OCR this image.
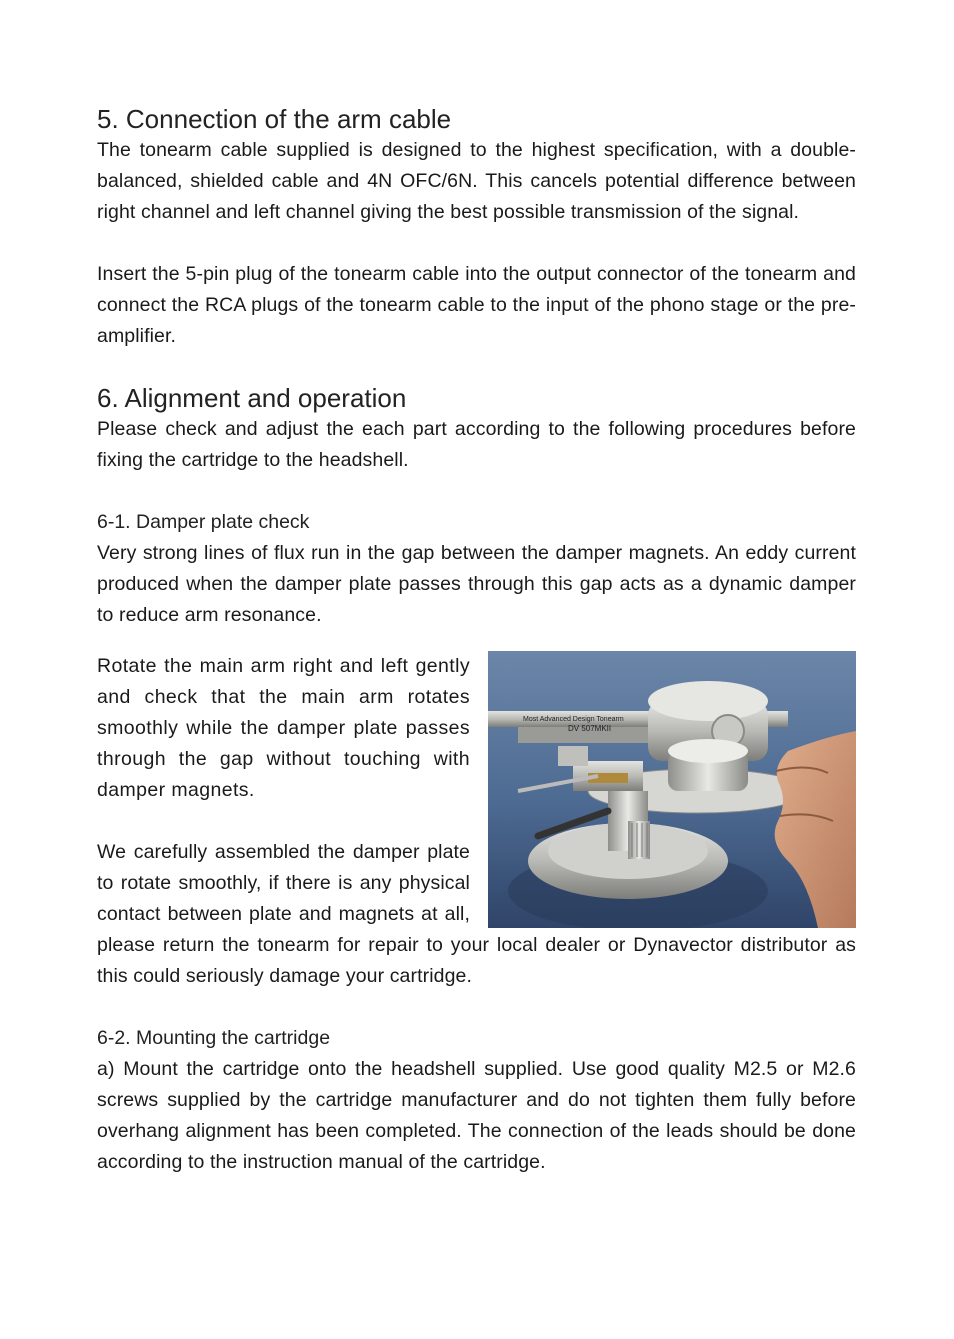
5. Connection of the arm cable

The tonearm cable supplied is designed to the highest specification, with a double-balanced, shielded cable and 4N OFC/6N. This cancels potential difference between right channel and left channel giving the best possible transmission of the signal.

Insert the 5-pin plug of the tonearm cable into the output connector of the tonearm and connect the RCA plugs of the tonearm cable to the input of the phono stage or the pre-amplifier.

6. Alignment and operation

Please check and adjust the each part according to the following procedures before fixing the cartridge to the headshell.

6-1. Damper plate check

Very strong lines of flux run in the gap between the damper magnets. An eddy current produced when the damper plate passes through this gap acts as a dynamic damper to reduce arm resonance.

Most Advanced Design Tonearm
DV 507MKII

Rotate the main arm right and left gently and check that the main arm rotates smoothly while the damper plate passes through the gap without touching with damper magnets.

We carefully assembled the damper plate to rotate smoothly, if there is any physical contact between plate and magnets at all, please return the tonearm for repair to your local dealer or Dynavector distributor as this could seriously damage your cartridge.

6-2. Mounting the cartridge

a) Mount the cartridge onto the headshell supplied. Use good quality M2.5 or M2.6 screws supplied by the cartridge manufacturer and do not tighten them fully before overhang alignment has been completed. The connection of the leads should be done according to the instruction manual of the cartridge.
